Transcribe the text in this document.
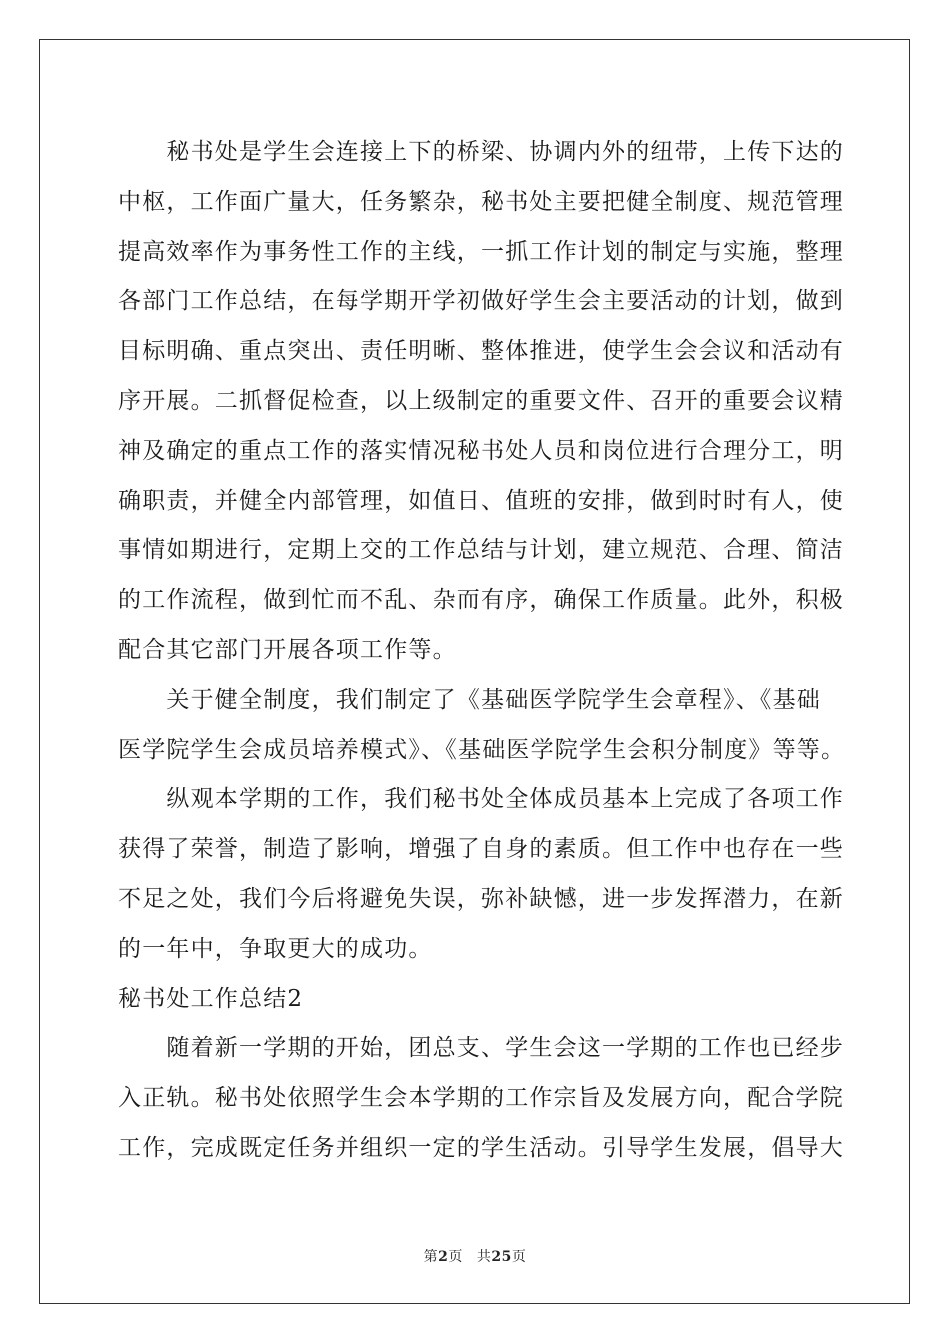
　　秘书处是学生会连接上下的桥梁、协调内外的纽带，上传下达的
中枢，工作面广量大，任务繁杂，秘书处主要把健全制度、规范管理
提高效率作为事务性工作的主线，一抓工作计划的制定与实施，整理
各部门工作总结，在每学期开学初做好学生会主要活动的计划，做到
目标明确、重点突出、责任明晰、整体推进，使学生会会议和活动有
序开展。二抓督促检查，以上级制定的重要文件、召开的重要会议精
神及确定的重点工作的落实情况秘书处人员和岗位进行合理分工，明
确职责，并健全内部管理，如值日、值班的安排，做到时时有人，使
事情如期进行，定期上交的工作总结与计划，建立规范、合理、简洁
的工作流程，做到忙而不乱、杂而有序，确保工作质量。此外，积极
配合其它部门开展各项工作等。
　　关于健全制度，我们制定了《基础医学院学生会章程》、《基础
医学院学生会成员培养模式》、《基础医学院学生会积分制度》等等。
　　纵观本学期的工作，我们秘书处全体成员基本上完成了各项工作
获得了荣誉，制造了影响，增强了自身的素质。但工作中也存在一些
不足之处，我们今后将避免失误，弥补缺憾，进一步发挥潜力，在新
的一年中，争取更大的成功。
秘书处工作总结2
　　随着新一学期的开始，团总支、学生会这一学期的工作也已经步
入正轨。秘书处依照学生会本学期的工作宗旨及发展方向，配合学院
工作，完成既定任务并组织一定的学生活动。引导学生发展，倡导大
第2页 共25页
